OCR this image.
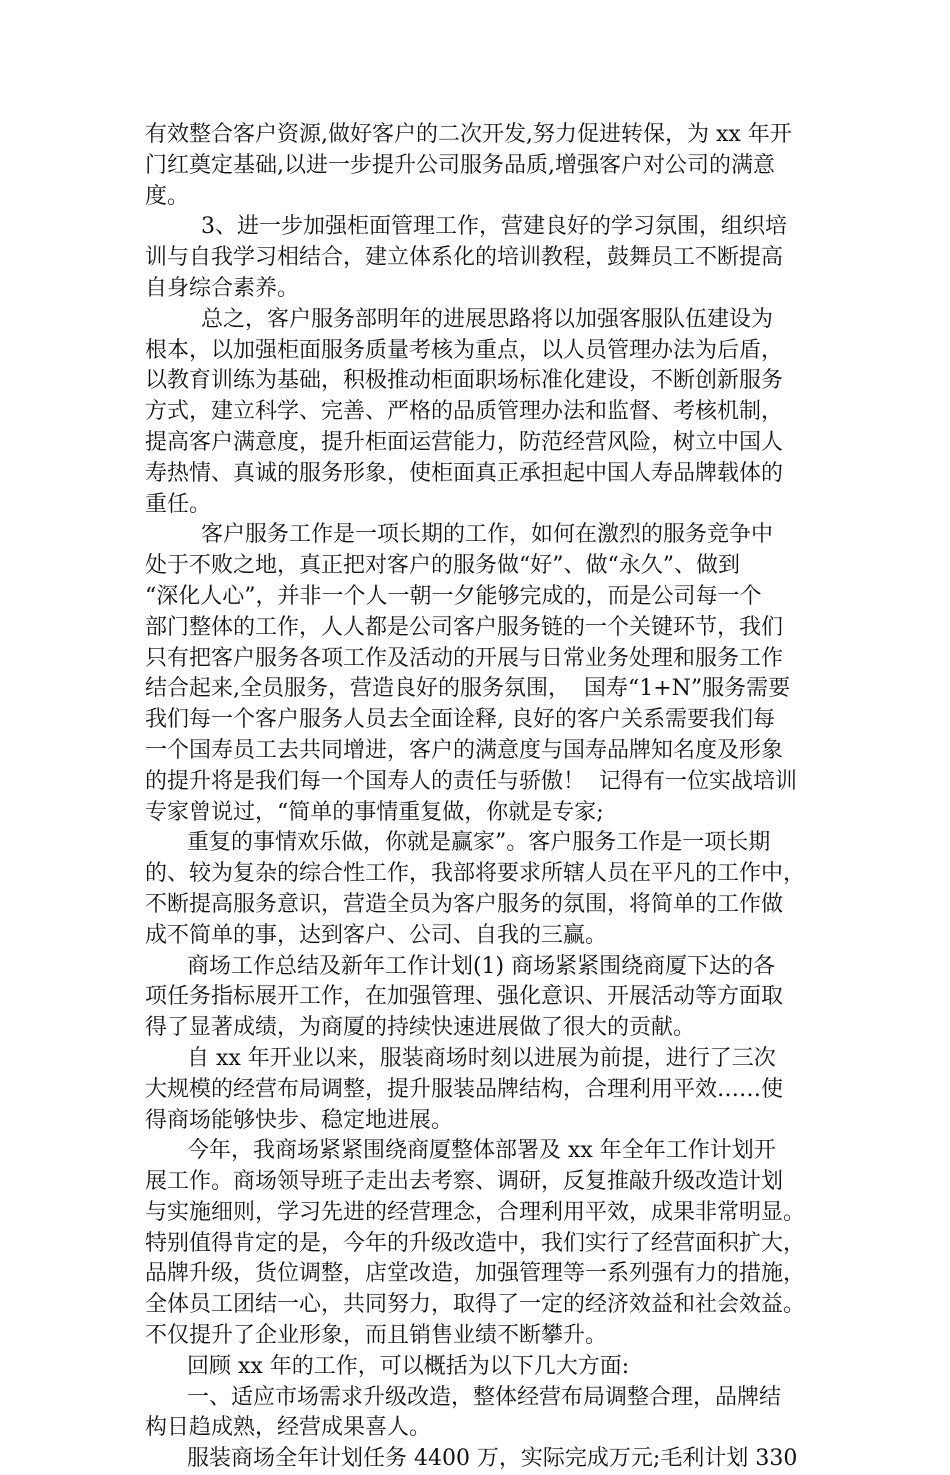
有效整合客户资源,做好客户的二次开发,努力促进转保，为 xx 年开
门红奠定基础,以进一步提升公司服务品质,增强客户对公司的满意
度。
3、进一步加强柜面管理工作，营建良好的学习氛围，组织培
训与自我学习相结合，建立体系化的培训教程，鼓舞员工不断提高
自身综合素养。
总之，客户服务部明年的进展思路将以加强客服队伍建设为
根本，以加强柜面服务质量考核为重点，以人员管理办法为后盾，
以教育训练为基础，积极推动柜面职场标准化建设，不断创新服务
方式，建立科学、完善、严格的品质管理办法和监督、考核机制，
提高客户满意度，提升柜面运营能力，防范经营风险，树立中国人
寿热情、真诚的服务形象，使柜面真正承担起中国人寿品牌载体的
重任。
客户服务工作是一项长期的工作，如何在激烈的服务竞争中
处于不败之地，真正把对客户的服务做“好”、做“永久”、做到
“深化人心”，并非一个人一朝一夕能够完成的，而是公司每一个
部门整体的工作，人人都是公司客户服务链的一个关键环节，我们
只有把客户服务各项工作及活动的开展与日常业务处理和服务工作
结合起来,全员服务，营造良好的服务氛围，  国寿“1+N”服务需要
我们每一个客户服务人员去全面诠释, 良好的客户关系需要我们每
一个国寿员工去共同增进，客户的满意度与国寿品牌知名度及形象
的提升将是我们每一个国寿人的责任与骄傲！  记得有一位实战培训
专家曾说过，“简单的事情重复做，你就是专家;
重复的事情欢乐做，你就是赢家”。客户服务工作是一项长期
的、较为复杂的综合性工作，我部将要求所辖人员在平凡的工作中，
不断提高服务意识，营造全员为客户服务的氛围，将简单的工作做
成不简单的事，达到客户、公司、自我的三赢。
商场工作总结及新年工作计划(1) 商场紧紧围绕商厦下达的各
项任务指标展开工作，在加强管理、强化意识、开展活动等方面取
得了显著成绩，为商厦的持续快速进展做了很大的贡献。
自 xx 年开业以来，服装商场时刻以进展为前提，进行了三次
大规模的经营布局调整，提升服装品牌结构，合理利用平效……使
得商场能够快步、稳定地进展。
今年，我商场紧紧围绕商厦整体部署及 xx 年全年工作计划开
展工作。商场领导班子走出去考察、调研，反复推敲升级改造计划
与实施细则，学习先进的经营理念，合理利用平效，成果非常明显。
特别值得肯定的是，今年的升级改造中，我们实行了经营面积扩大，
品牌升级，货位调整，店堂改造，加强管理等一系列强有力的措施，
全体员工团结一心，共同努力，取得了一定的经济效益和社会效益。
不仅提升了企业形象，而且销售业绩不断攀升。
回顾 xx 年的工作，可以概括为以下几大方面:
一、适应市场需求升级改造，整体经营布局调整合理，品牌结
构日趋成熟，经营成果喜人。
服装商场全年计划任务 4400 万，实际完成万元;毛利计划 330
